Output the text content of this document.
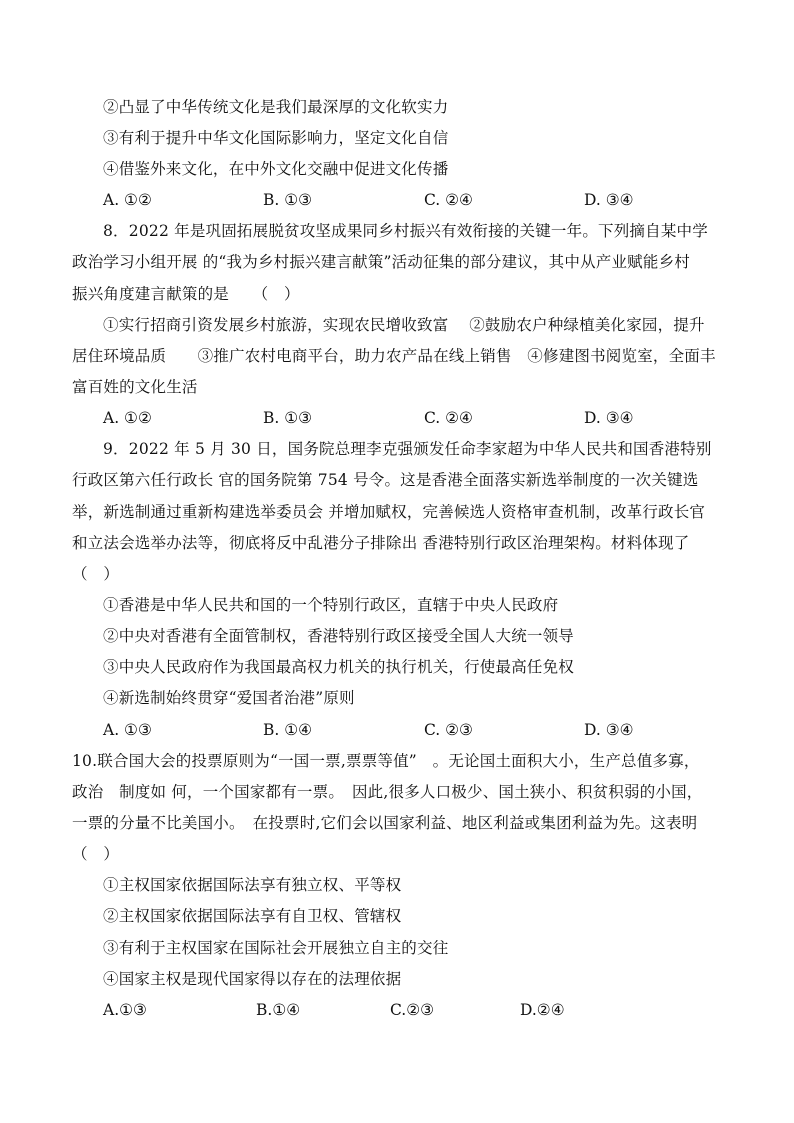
②凸显了中华传统文化是我们最深厚的文化软实力
③有利于提升中华文化国际影响力，坚定文化自信
④借鉴外来文化，在中外文化交融中促进文化传播
A. ①②	B. ①③	C. ②④	D. ③④
8．2022 年是巩固拓展脱贫攻坚成果同乡村振兴有效衔接的关键一年。下列摘自某中学
政治学习小组开展 的“我为乡村振兴建言献策”活动征集的部分建议，其中从产业赋能乡村
振兴角度建言献策的是　　（　）
①实行招商引资发展乡村旅游，实现农民增收致富　 ②鼓励农户种绿植美化家园，提升
居住环境品质　　③推广农村电商平台，助力农产品在线上销售　④修建图书阅览室，全面丰
富百姓的文化生活
A. ①②	B. ①③	C. ②④	D. ③④
9．2022 年 5 月 30 日，国务院总理李克强颁发任命李家超为中华人民共和国香港特别
行政区第六任行政长 官的国务院第 754 号令。这是香港全面落实新选举制度的一次关键选
举，新选制通过重新构建选举委员会 并增加赋权，完善候选人资格审查机制，改革行政长官
和立法会选举办法等，彻底将反中乱港分子排除出 香港特别行政区治理架构。材料体现了
（　）
①香港是中华人民共和国的一个特别行政区，直辖于中央人民政府
②中央对香港有全面管制权，香港特别行政区接受全国人大统一领导
③中央人民政府作为我国最高权力机关的执行机关，行使最高任免权
④新选制始终贯穿“爱国者治港”原则
A. ①③	B. ①④	C. ②③	D. ③④
10.联合国大会的投票原则为“一国一票,票票等值”　。无论国土面积大小，生产总值多寡，
政治　制度如 何，一个国家都有一票。　因此,很多人口极少、国土狭小、积贫积弱的小国，
一票的分量不比美国小。　在投票时,它们会以国家利益、地区利益或集团利益为先。这表明
（　）
①主权国家依据国际法享有独立权、平等权
②主权国家依据国际法享有自卫权、管辖权
③有利于主权国家在国际社会开展独立自主的交往
④国家主权是现代国家得以存在的法理依据
A.①③	B.①④	C.②③	D.②④
